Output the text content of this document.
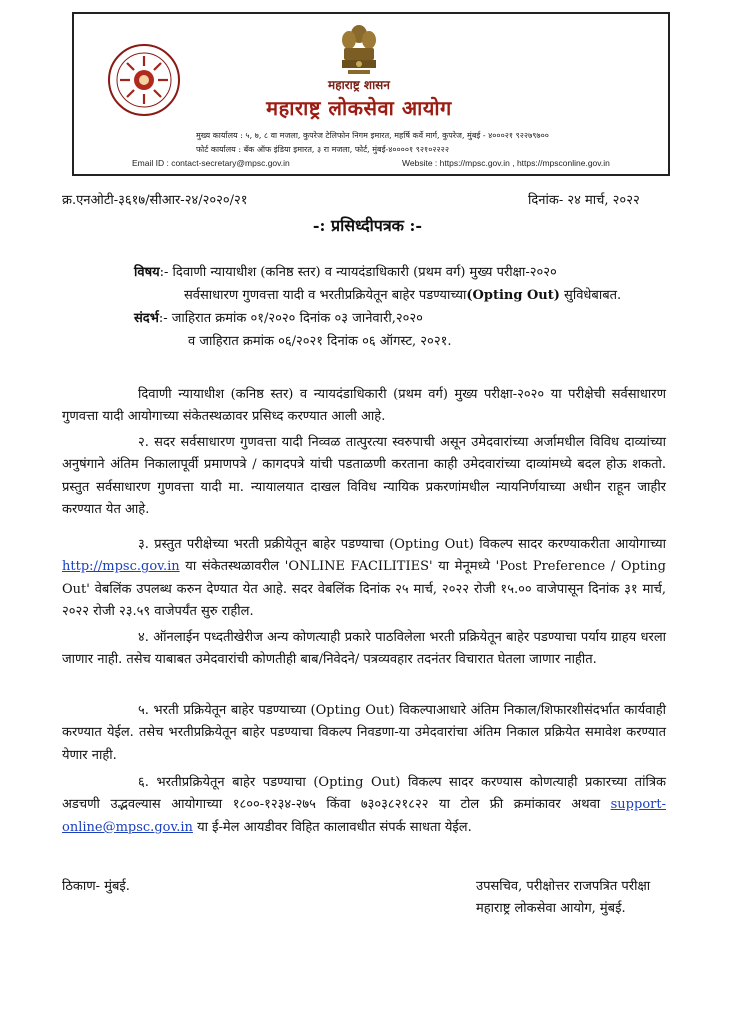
महाराष्ट्र शासन
महाराष्ट्र लोकसेवा आयोग
मुख्य कार्यालय : ५, ७, ८ वा मजला, कुपरेज टेलिफोन निगम इमारत, महर्षि कर्वे मार्ग, कुपरेज, मुंबई - ४०००२१ ९२२७९७००
फोर्ट कार्यालय : बँक ऑफ इंडिया इमारत, ३ रा मजला, फोर्ट, मुंबई-४००००१ ९२१०२२२२
Email ID : contact-secretary@mpsc.gov.in	Website : https://mpsc.gov.in , https://mpsconline.gov.in
क्र.एनओटी-३६१७/सीआर-२४/२०२०/२१	दिनांक- २४ मार्च, २०२२
-: प्रसिध्दीपत्रक :-
विषय:- दिवाणी न्यायाधीश (कनिष्ठ स्तर) व न्यायदंडाधिकारी (प्रथम वर्ग) मुख्य परीक्षा-२०२०
सर्वसाधारण गुणवत्ता यादी व भरतीप्रक्रियेतून बाहेर पडण्याच्या(Opting Out) सुविधेबाबत.
संदर्भ:- जाहिरात क्रमांक ०१/२०२० दिनांक ०३ जानेवारी,२०२०
व जाहिरात क्रमांक ०६/२०२१ दिनांक ०६ ऑगस्ट, २०२१.

दिवाणी न्यायाधीश (कनिष्ठ स्तर) व न्यायदंडाधिकारी (प्रथम वर्ग) मुख्य परीक्षा-२०२० या परीक्षेची सर्वसाधारण गुणवत्ता यादी आयोगाच्या संकेतस्थळावर प्रसिध्द करण्यात आली आहे.

२. सदर सर्वसाधारण गुणवत्ता यादी निव्वळ तात्पुरत्या स्वरुपाची असून उमेदवारांच्या अर्जामधील विविध दाव्यांच्या अनुषंगाने अंतिम निकालापूर्वी प्रमाणपत्रे / कागदपत्रे यांची पडताळणी करताना काही उमेदवारांच्या दाव्यांमध्ये बदल होऊ शकतो. प्रस्तुत सर्वसाधारण गुणवत्ता यादी मा. न्यायालयात दाखल विविध न्यायिक प्रकरणांमधील न्यायनिर्णयाच्या अधीन राहून जाहीर करण्यात येत आहे.

३. प्रस्तुत परीक्षेच्या भरती प्रक्रीयेतून बाहेर पडण्याचा (Opting Out) विकल्प सादर करण्याकरीता आयोगाच्या http://mpsc.gov.in या संकेतस्थळावरील 'ONLINE FACILITIES' या मेनूमध्ये 'Post Preference / Opting Out' वेबलिंक उपलब्ध करुन देण्यात येत आहे. सदर वेबलिंक दिनांक २५ मार्च, २०२२ रोजी १५.०० वाजेपासून दिनांक ३१ मार्च, २०२२ रोजी २३.५९ वाजेपर्यंत सुरु राहील.

४. ऑनलाईन पध्दतीखेरीज अन्य कोणत्याही प्रकारे पाठविलेला भरती प्रक्रियेतून बाहेर पडण्याचा पर्याय ग्राहय धरला जाणार नाही. तसेच याबाबत उमेदवारांची कोणतीही बाब/निवेदने/ पत्रव्यवहार तदनंतर विचारात घेतला जाणार नाहीत.

५. भरती प्रक्रियेतून बाहेर पडण्याच्या (Opting Out) विकल्पाआधारे अंतिम निकाल/शिफारशीसंदर्भात कार्यवाही करण्यात येईल. तसेच भरतीप्रक्रियेतून बाहेर पडण्याचा विकल्प निवडणा-या उमेदवारांचा अंतिम निकाल प्रक्रियेत समावेश करण्यात येणार नाही.

६. भरतीप्रक्रियेतून बाहेर पडण्याचा (Opting Out) विकल्प सादर करण्यास कोणत्याही प्रकारच्या तांत्रिक अडचणी उद्भवल्यास आयोगाच्या १८००-१२३४-२७५ किंवा ७३०३८२१८२२ या टोल फ्री क्रमांकावर अथवा support-online@mpsc.gov.in या ई-मेल आयडीवर विहित कालावधीत संपर्क साधता येईल.

ठिकाण- मुंबई.	उपसचिव, परीक्षोत्तर राजपत्रित परीक्षा
महाराष्ट्र लोकसेवा आयोग, मुंबई.
